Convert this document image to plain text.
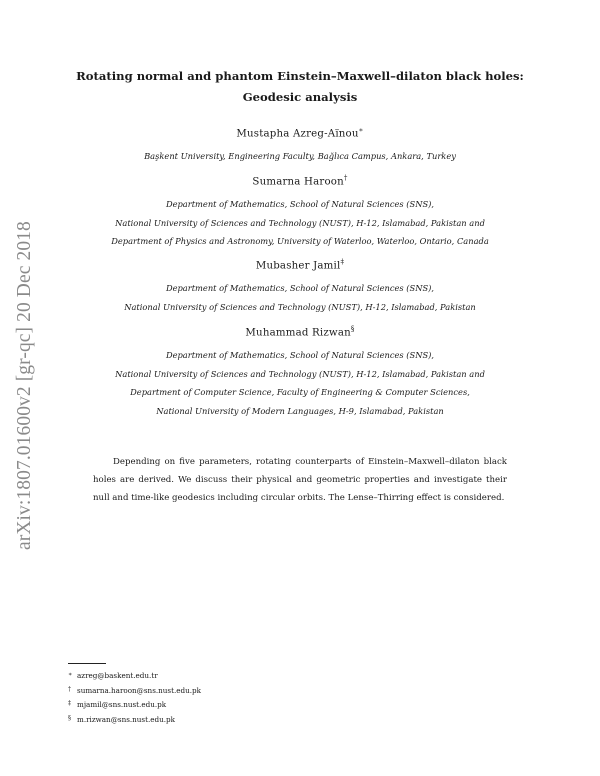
arXiv:1807.01600v2 [gr-qc] 20 Dec 2018
Rotating normal and phantom Einstein–Maxwell–dilaton black holes: Geodesic analysis
Mustapha Azreg-Aïnou∗
Başkent University, Engineering Faculty, Bağlıca Campus, Ankara, Turkey
Sumarna Haroon†
Department of Mathematics, School of Natural Sciences (SNS),
National University of Sciences and Technology (NUST), H-12, Islamabad, Pakistan and
Department of Physics and Astronomy, University of Waterloo, Waterloo, Ontario, Canada
Mubasher Jamil‡
Department of Mathematics, School of Natural Sciences (SNS),
National University of Sciences and Technology (NUST), H-12, Islamabad, Pakistan
Muhammad Rizwan§
Department of Mathematics, School of Natural Sciences (SNS),
National University of Sciences and Technology (NUST), H-12, Islamabad, Pakistan and
Department of Computer Science, Faculty of Engineering & Computer Sciences,
National University of Modern Languages, H-9, Islamabad, Pakistan

Depending on five parameters, rotating counterparts of Einstein–Maxwell–dilaton black holes are derived. We discuss their physical and geometric properties and investigate their null and time-like geodesics including circular orbits. The Lense–Thirring effect is considered.

∗ azreg@baskent.edu.tr
† sumarna.haroon@sns.nust.edu.pk
‡ mjamil@sns.nust.edu.pk
§ m.rizwan@sns.nust.edu.pk
